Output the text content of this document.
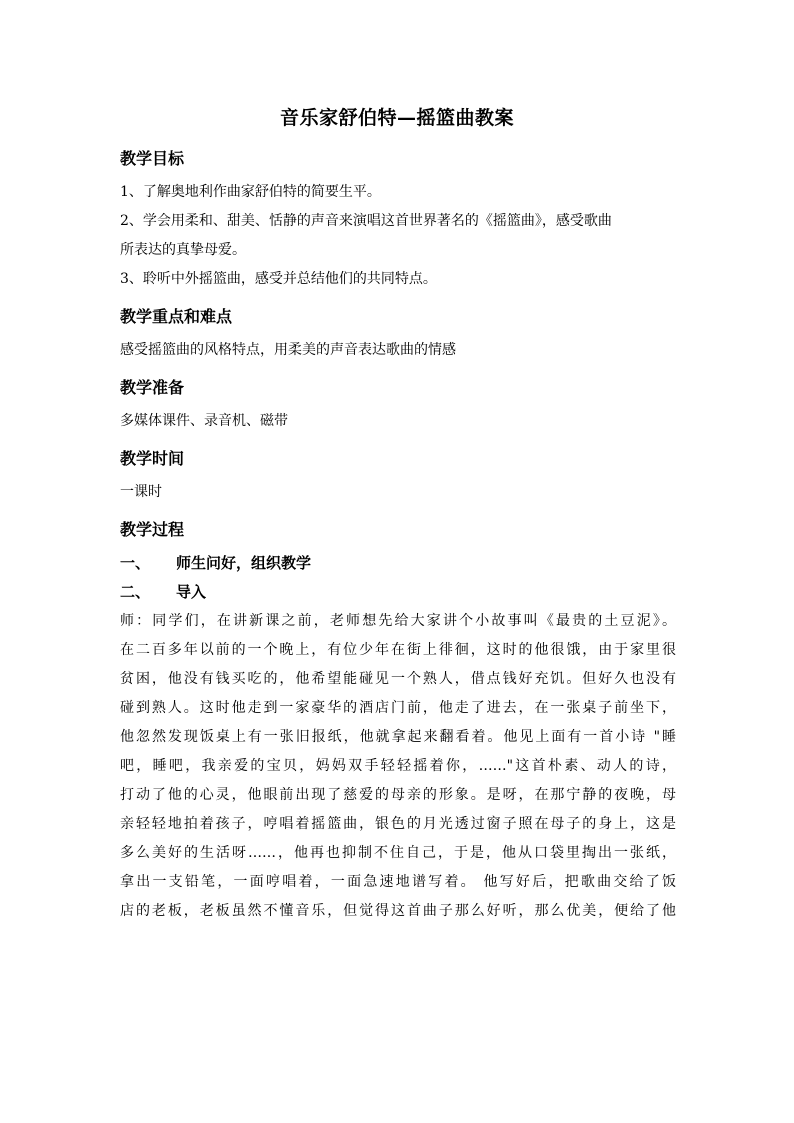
音乐家舒伯特—摇篮曲教案
教学目标
1、了解奥地利作曲家舒伯特的简要生平。
2、学会用柔和、甜美、恬静的声音来演唱这首世界著名的《摇篮曲》，感受歌曲
所表达的真挚母爱。
3、聆听中外摇篮曲，感受并总结他们的共同特点。
教学重点和难点
感受摇篮曲的风格特点，用柔美的声音表达歌曲的情感
教学准备
多媒体课件、录音机、磁带
教学时间
一课时
教学过程
一、 师生问好，组织教学
二、 导入
师：同学们，在讲新课之前，老师想先给大家讲个小故事叫《最贵的土豆泥》。
在二百多年以前的一个晚上，有位少年在街上徘徊，这时的他很饿，由于家里很
贫困，他没有钱买吃的，他希望能碰见一个熟人，借点钱好充饥。但好久也没有
碰到熟人。这时他走到一家豪华的酒店门前，他走了进去，在一张桌子前坐下，
他忽然发现饭桌上有一张旧报纸，他就拿起来翻看着。他见上面有一首小诗 "睡
吧，睡吧，我亲爱的宝贝，妈妈双手轻轻摇着你，……"这首朴素、动人的诗，
打动了他的心灵，他眼前出现了慈爱的母亲的形象。是呀，在那宁静的夜晚，母
亲轻轻地拍着孩子，哼唱着摇篮曲，银色的月光透过窗子照在母子的身上，这是
多么美好的生活呀……，他再也抑制不住自己，于是，他从口袋里掏出一张纸，
拿出一支铅笔，一面哼唱着，一面急速地谱写着。 他写好后，把歌曲交给了饭
店的老板，老板虽然不懂音乐，但觉得这首曲子那么好听，那么优美，便给了他
